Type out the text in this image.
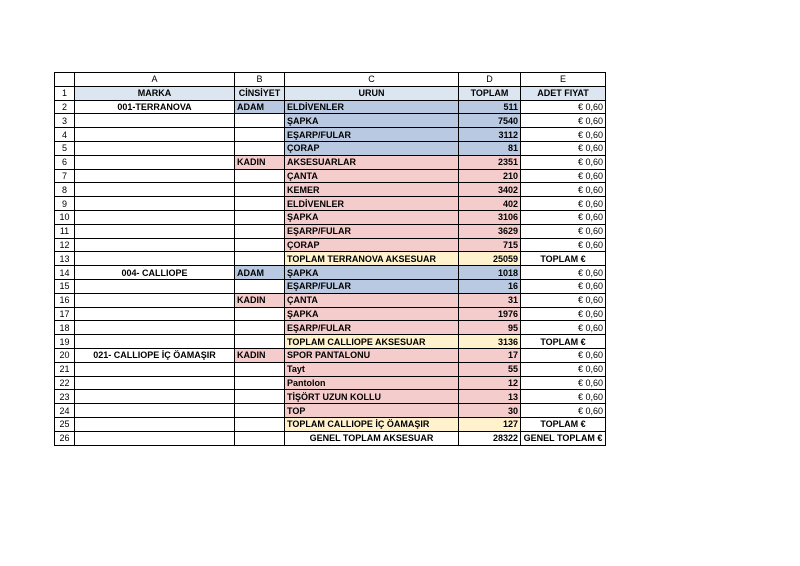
	A	B	C	D	E
1	MARKA	CİNSİYET	URUN	TOPLAM	ADET FIYAT
2	001-TERRANOVA	ADAM	ELDİVENLER	511	€ 0,60
3			ŞAPKA	7540	€ 0,60
4			EŞARP/FULAR	3112	€ 0,60
5			ÇORAP	81	€ 0,60
6		KADIN	AKSESUARLAR	2351	€ 0,60
7			ÇANTA	210	€ 0,60
8			KEMER	3402	€ 0,60
9			ELDİVENLER	402	€ 0,60
10			ŞAPKA	3106	€ 0,60
11			EŞARP/FULAR	3629	€ 0,60
12			ÇORAP	715	€ 0,60
13			TOPLAM TERRANOVA AKSESUAR	25059	TOPLAM €
14	004- CALLIOPE	ADAM	ŞAPKA	1018	€ 0,60
15			EŞARP/FULAR	16	€ 0,60
16		KADIN	ÇANTA	31	€ 0,60
17			ŞAPKA	1976	€ 0,60
18			EŞARP/FULAR	95	€ 0,60
19			TOPLAM CALLIOPE AKSESUAR	3136	TOPLAM €
20	021- CALLIOPE İÇ ÖAMAŞIR	KADIN	SPOR PANTALONU	17	€ 0,60
21			Tayt	55	€ 0,60
22			Pantolon	12	€ 0,60
23			TİŞÖRT UZUN KOLLU	13	€ 0,60
24			TOP	30	€ 0,60
25			TOPLAM CALLIOPE İÇ ÖAMAŞIR	127	TOPLAM €
26			GENEL TOPLAM AKSESUAR	28322	GENEL TOPLAM €
